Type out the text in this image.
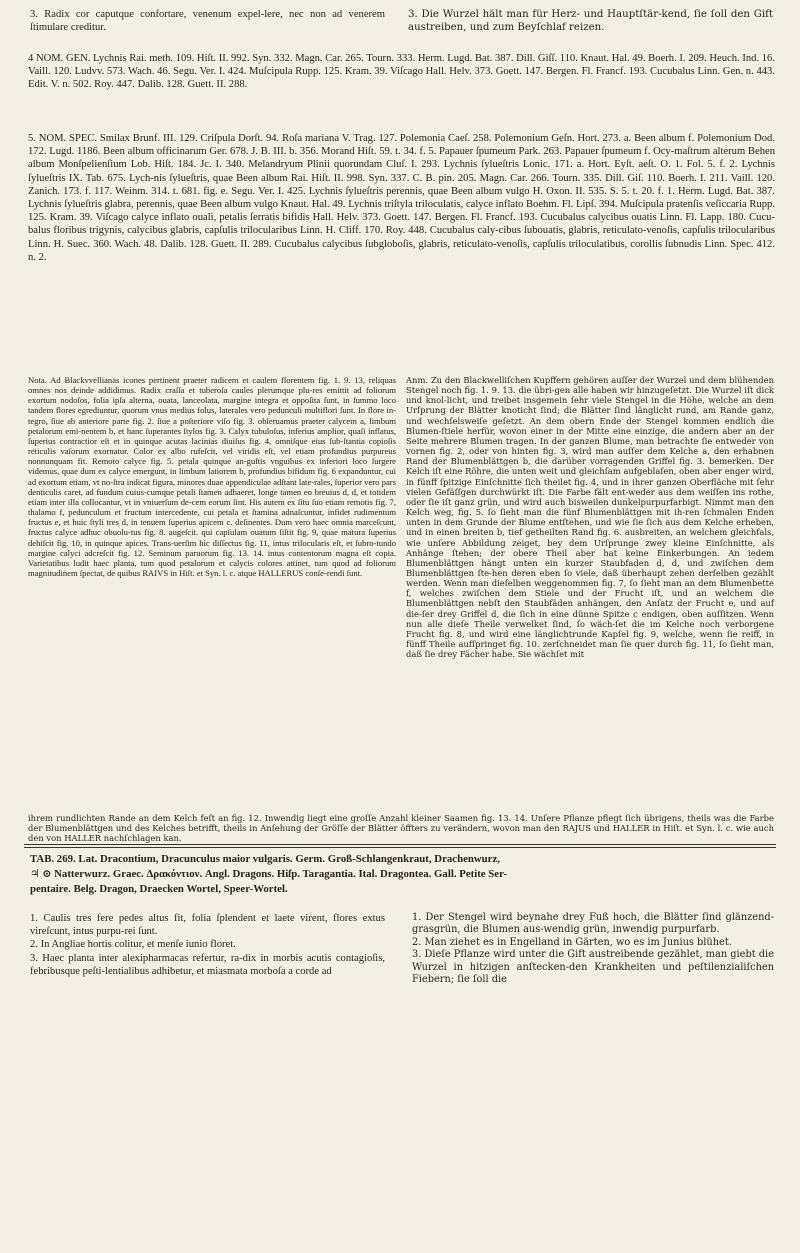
3. Radix cor caputque confortare, venenum expel-lere, nec non ad venerem ſtimulare creditur.

3. Die Wurzel hält man für Herz- und Hauptſtär-kend, ſie ſoll den Gift austreiben, und zum Beyſchlaf reizen.

4 NOM. GEN. Lychnis Rai. meth. 109. Hiſt. II. 992. Syn. 332. Magn. Car. 265. Tourn. 333. Herm. Lugd. Bat. 387. Dill. Giſſ. 110. Knaut. Hal. 49. Boerh. I. 209. Heuch. Ind. 16. Vaill. 120. Ludvv. 573. Wach. 46. Segu. Ver. I. 424. Muſcipula Rupp. 125. Kram. 39. Viſcago Hall. Helv. 373. Goett. 147. Bergen. Fl. Francf. 193. Cucubalus Linn. Gen. n. 443. Edit. V. n. 502. Roy. 447. Dalib. 128. Guett. II. 288.

5. NOM. SPEC. Smilax Brunf. III. 129. Criſpula Dorſt. 94. Roſa mariana V. Trag. 127. Polemonia Caeſ. 258. Polemonium Geſn. Hort. 273. a. Been album f. Polemonium Dod. 172. Lugd. 1186. Been album officinarum Ger. 678. J. B. III. b. 356. Morand Hiſt. 59. t. 34. f. 5. Papauer ſpumeum Park. 263. Papauer ſpumeum f. Ocy-maſtrum alterum Behen album Monſpelienſium Lob. Hiſt. 184. Jc. I. 340. Melandryum Plinii quorundam Cluſ. I. 293. Lychnis ſylueſtris Lonic. 171. a. Hort. Eyſt. aeſt. O. 1. Fol. 5. f. 2. Lychnis ſylueſtris IX. Tab. 675. Lych-nis ſylueſtris, quae Been album Rai. Hiſt. II. 998. Syn. 337. C. B. pin. 205. Magn. Car. 266. Tourn. 335. Dill. Giſ. 110. Boerh. I. 211. Vaill. 120. Zanich. 173. f. 117. Weinm. 314. t. 681. fig. e. Segu. Ver. I. 425. Lychnis ſylueſtris perennis, quae Been album vulgo H. Oxon. II. 535. S. 5. t. 20. f. 1. Herm. Lugd. Bat. 387. Lychnis ſylueſtris glabra, perennis, quae Been album vulgo Knaut. Hal. 49. Lychnis triſtyla triloculatis, calyce inflato Boehm. Fl. Lipſ. 394. Muſcipula pratenſis veſiccaria Rupp. 125. Kram. 39. Viſcago calyce inflato ouali, petalis ſerratis bifidis Hall. Helv. 373. Goett. 147. Bergen. Fl. Francf. 193. Cucubalus calycibus ouatis Linn. Fl. Lapp. 180. Cucu-balus floribus trigynis, calycibus glabris, capſulis trilocularibus Linn. H. Cliff. 170. Roy. 448. Cucubalus caly-cibus ſubouatis, glabris, reticulato-venoſis, capſulis trilocularibus Linn. H. Suec. 360. Wach. 48. Dalib. 128. Guett. II. 289. Cucubalus calycibus ſubgloboſis, glabris, reticulato-venoſis, capſulis triloculatibus, corollis ſubnudis Linn. Spec. 412. n. 2.

Nota. Ad Blackvvellianas icones pertinent praeter radicem et caulem florentem fig. 1. 9. 13, reliquas omnes nos deinde addidimus. Radix craſſa et tuberoſa caules plerumque plu-res emittit ad foliorum exortum nodoſos, folia ipſa alterna, ouata, lanceolata, margine integra et oppoſita ſunt, in ſummo loco tandem flores egrediuntur, quorum vnus medius folus, laterales vero pedunculi multiflori ſunt. In flore in-tegro, ſiue ab anteriore parte fig. 2. ſiue a poſteriore viſo fig. 3. obſeruamus praeter calycem a, limbum petalorum emi-nentem b, et hanc ſuperantes ſtylos fig. 3. Calyx tubuloſus, inferius amplior, quaſi inflatus, ſuperius contractior eſt et in quinque acutas lacinias diuiſus fig. 4, omniſque eius ſub-ſtantia copioſis reticulis vaſorum exornatur. Color ex albo rufeſcit, vel viridis eſt, vel etiam profundius purpureus nonnunquam fit. Remoto calyce fig. 5. petala quinque an-guſtis vnguibus ex inferiori loco ſurgere videmus, quae dum ex calyce emergunt, in limbum latiorem b, profundius bifidum fig. 6 expanduntur, cui ad exortum etiam, vt no-ſtra indicat figura, minores duae appendiculae adſtant late-rales, ſuperior vero pars denticulis caret, ad fundum cuius-cumque petali ſtamen adhaeret, longe tamen eo breuius d, d, et totidem etiam inter illa collocantur, vt in vniuerſum de-cem eorum ſint. His autem ex ſitu ſuo etiam remotis fig. 7, thalamo f, pedunculum et fructum intercedente, cui petala et ſtamina adnaſcuntur, infidet rudimentum fructus e, et huic ſtyli tres d, in tenuem ſuperius apicem c. deſinentes. Dum vero haec omnia marceſcunt, fructus calyce adhuc obuolu-tus fig. 8. augeſcit. qui capſulam ouatum ſiſtit fig. 9, quae matura ſuperius dehiſcit fig. 10, in quinque apices. Trans-uerſim hic diſſectus fig. 11, intus trilocularis eſt, et ſubro-tundo margine calyci adcreſcit fig. 12. Seminum paruorum fig. 13. 14. intus contentorum magna eſt copia. Varietatibus ludit haec planta, tum quod petalorum et calycis colores attinet, tum quod ad foliorum magnitudinem ſpectat, de quibus RAIVS in Hiſt. et Syn. l. c. atque HALLERUS conſe-rendi ſunt.

Anm. Zu den Blackwelliſchen Kupffern gehören auſſer der Wurzel und dem blühenden Stengel noch fig. 1. 9. 13. die übri-gen alle haben wir hinzugeſetzt. Die Wurzel iſt dick und knol-licht, und treibet insgemein ſehr viele Stengel in die Höhe, welche an dem Urſprung der Blätter knoticht ſind; die Blätter ſind länglicht rund, am Rande ganz, und wechſelsweiſe geſetzt. An dem obern Ende der Stengel kommen endlich die Blumen-ſtiele herfür, wovon einer in der Mitte eine einzige, die andern aber an der Seite mehrere Blumen tragen. In der ganzen Blume, man betrachte ſie entweder von vornen fig. 2, oder von hinten fig. 3, wird man auſſer dem Kelche a, den erhabnen Rand der Blumenblättgen b, die darüber vorragenden Griffel fig. 3. bemerken. Der Kelch iſt eine Röhre, die unten weit und gleichſam aufgeblaſen, oben aber enger wird, in fünff ſpitzige Einſchnitte ſich theilet fig. 4, und in ihrer ganzen Oberfläche mit ſehr vielen Gefäſſgen durchwürkt iſt. Die Farbe fält ent-weder aus dem weiſſen ins rothe, oder ſie iſt ganz grün, und wird auch bisweilen dunkelpurpurfarbigt. Nimmt man den Kelch weg, fig. 5. ſo ſieht man die fünf Blumenblättgen mit ih-ren ſchmalen Enden unten in dem Grunde der Blume entſtehen, und wie ſie ſich aus dem Kelche erheben, und in einen breiten b, tief getheilten Rand fig. 6. ausbreiten, an welchem gleichfals, wie unſere Abbildung zeiget, bey dem Urſprunge zwey kleine Einſchnitte, als Anhänge ſtehen; der obere Theil aber hat keine Einkerbungen. An iedem Blumenblättgen hängt unten ein kurzer Staubfaden d, d, und zwiſchen dem Blumenblättgen ſte-hen deren eben ſo viele, daß überhaupt zehen derſelben gezählt werden. Wenn man dieſelben weggenommen fig. 7, ſo ſieht man an dem Blumenbette f, welches zwiſchen dem Stiele und der Frucht iſt, und an welchem die Blumenblättgen nebſt den Staubfäden anhängen, den Anſatz der Frucht e, und auf die-ſer drey Griffel d, die ſich in eine dünne Spitze c endigen, oben auſſitzen. Wenn nun alle dieſe Theile verwelket ſind, ſo wäch-ſet die im Kelche noch verborgene Frucht fig. 8, und wird eine länglichtrunde Kapſel fig. 9, welche, wenn ſie reiff, in fünff Theile aufſpringet fig. 10. zerſchneidet man ſie quer durch fig. 11, ſo ſieht man, daß ſie drey Fächer habe. Sie wächſet mit

ihrem rundlichten Rande an dem Kelch feſt an fig. 12. Inwendig liegt eine groſſe Anzahl kleiner Saamen fig. 13. 14. Unſere Pflanze pflegt ſich übrigens, theils was die Farbe der Blumenblättgen und des Kelches betrifft, theils in Anſehung der Gröſſe der Blätter öffters zu verändern, wovon man den RAJUS und HALLER in Hiſt. et Syn. l. c. wie auch den von HALLER nachſchlagen kan.

TAB. 269. Lat. Dracontium, Dracunculus maior vulgaris. Germ. Groß-Schlangenkraut, Drachenwurz,
♃ ⊙ Natterwurz. Graec. Δρακόντιον. Angl. Dragons. Hiſp. Taragantia. Ital. Dragontea. Gall. Petite Ser-
pentaire. Belg. Dragon, Draecken Wortel, Speer-Wortel.

1. Caulis tres fere pedes altus fit, folia ſplendent et laete virent, flores extus vireſcunt, intus purpu-rei ſunt.
2. In Angliae hortis colitur, et menſe iunio floret.
3. Haec planta inter alexipharmacas refertur, ra-dix in morbis acutis contagioſis, febribusque peſti-lentialibus adhibetur, et miasmata morboſa a corde ad

1. Der Stengel wird beynahe drey Fuß hoch, die Blätter ſind glänzend-grasgrün, die Blumen aus-wendig grün, inwendig purpurfarb.
2. Man ziehet es in Engelland in Gärten, wo es im Junius blühet.
3. Dieſe Pflanze wird unter die Gift austreibende gezählet, man giebt die Wurzel in hitzigen anſtecken-den Krankheiten und peſtilenzialiſchen Fiebern; ſie ſoll die
